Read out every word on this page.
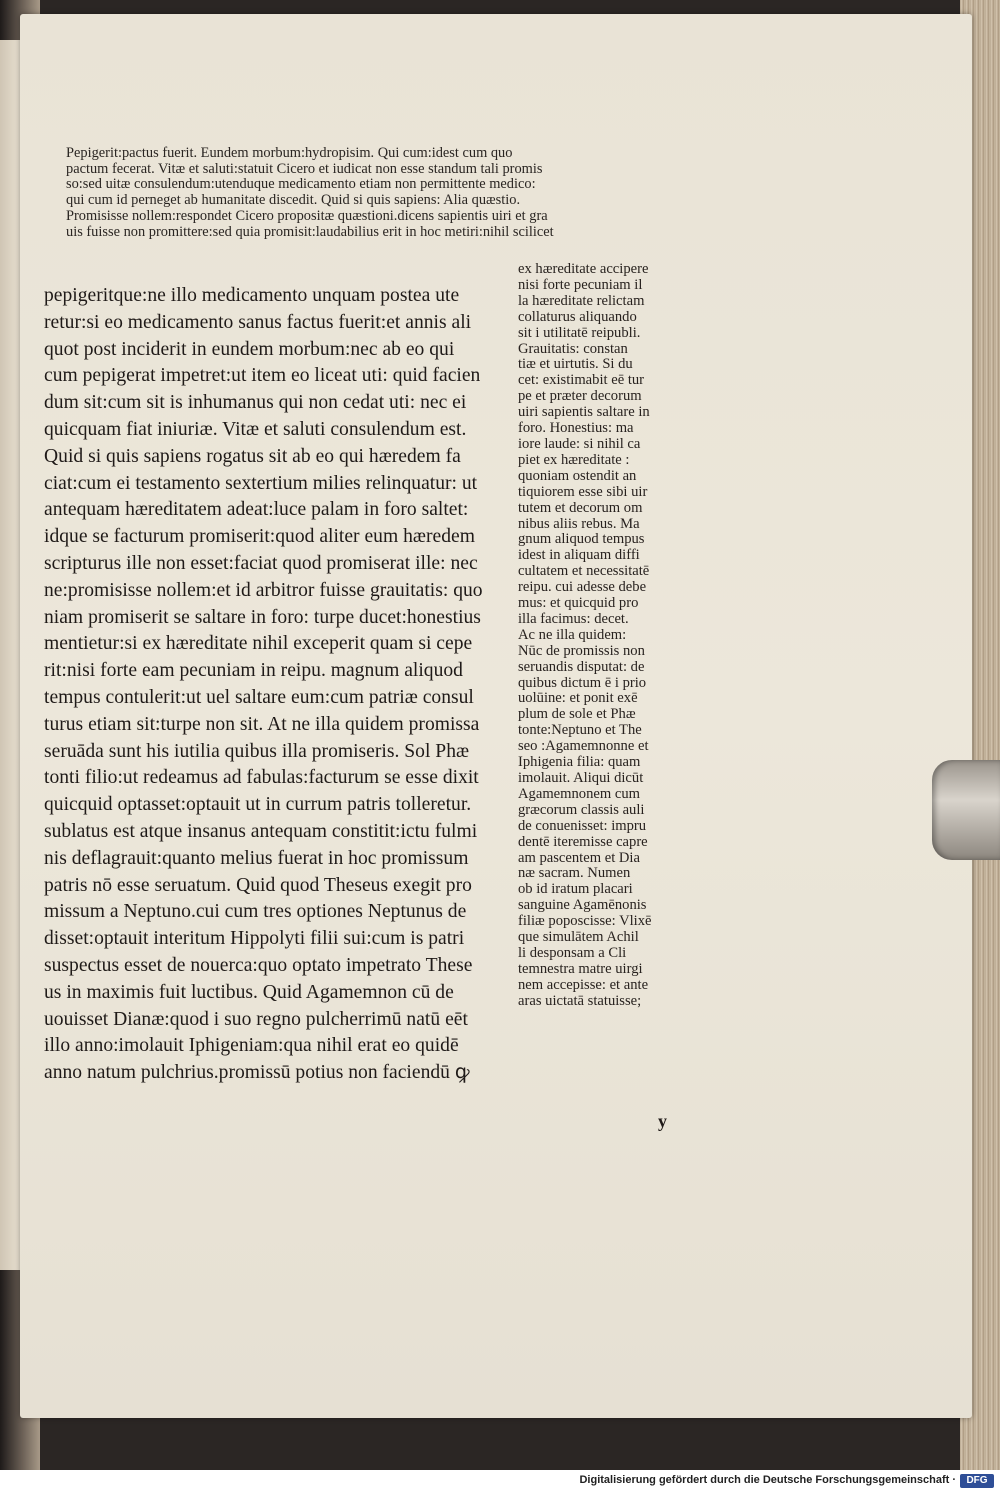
Pepigerit:pactus fuerit. Eundem morbum:hydropisim. Qui cum:idest cum quo
pactum fecerat. Vitæ et saluti:statuit Cicero et iudicat non esse standum tali promis
so:sed uitæ consulendum:utenduque medicamento etiam non permittente medico:
qui cum id perneget ab humanitate discedit. Quid si quis sapiens: Alia quæstio.
Promisisse nollem:respondet Cicero propositæ quæstioni.dicens sapientis uiri et gra
uis fuisse non promittere:sed quia promisit:laudabilius erit in hoc metiri:nihil scilicet
pepigeritque:ne illo medicamento unquam postea ute
retur:si eo medicamento sanus factus fuerit:et annis ali
quot post inciderit in eundem morbum:nec ab eo qui
cum pepigerat impetret:ut item eo liceat uti: quid facien
dum sit:cum sit is inhumanus qui non cedat uti: nec ei
quicquam fiat iniuriæ. Vitæ et saluti consulendum est.
Quid si quis sapiens rogatus sit ab eo qui hæredem fa
ciat:cum ei testamento sextertium milies relinquatur: ut
antequam hæreditatem adeat:luce palam in foro saltet:
idque se facturum promiserit:quod aliter eum hæredem
scripturus ille non esset:faciat quod promiserat ille: nec
ne:promisisse nollem:et id arbitror fuisse grauitatis: quo
niam promiserit se saltare in foro: turpe ducet:honestius
mentietur:si ex hæreditate nihil exceperit quam si cepe
rit:nisi forte eam pecuniam in reipu. magnum aliquod
tempus contulerit:ut uel saltare eum:cum patriæ consul
turus etiam sit:turpe non sit. At ne illa quidem promissa
seruāda sunt his iutilia quibus illa promiseris. Sol Phæ
tonti filio:ut redeamus ad fabulas:facturum se esse dixit
quicquid optasset:optauit ut in currum patris tolleretur.
sublatus est atque insanus antequam constitit:ictu fulmi
nis deflagrauit:quanto melius fuerat in hoc promissum
patris nō esse seruatum. Quid quod Theseus exegit pro
missum a Neptuno.cui cum tres optiones Neptunus de
disset:optauit interitum Hippolyti filii sui:cum is patri
suspectus esset de nouerca:quo optato impetrato These
us in maximis fuit luctibus. Quid Agamemnon cū de
uouisset Dianæ:quod i suo regno pulcherrimū natū eēt
illo anno:imolauit Iphigeniam:qua nihil erat eo quidē
anno natum pulchrius.promissū potius non faciendū ꝙ
ex hæreditate accipere
nisi forte pecuniam il
la hæreditate relictam
collaturus aliquando
sit i utilitatē reipubli.
Grauitatis: constan
tiæ et uirtutis. Si du
cet: existimabit eē tur
pe et præter decorum
uiri sapientis saltare in
foro. Honestius: ma
iore laude: si nihil ca
piet ex hæreditate :
quoniam ostendit an
tiquiorem esse sibi uir
tutem et decorum om
nibus aliis rebus. Ma
gnum aliquod tempus
idest in aliquam diffi
cultatem et necessitatē
reipu. cui adesse debe
mus: et quicquid pro
illa facimus: decet.
Ac ne illa quidem:
Nūc de promissis non
seruandis disputat: de
quibus dictum ē i prio
uolūine: et ponit exē
plum de sole et Phæ
tonte:Neptuno et The
seo :Agamemnonne et
Iphigenia filia: quam
imolauit. Aliqui dicūt
Agamemnonem cum
græcorum classis auli
de conuenisset: impru
dentē iteremisse capre
am pascentem et Dia
næ sacram. Numen
ob id iratum placari
sanguine Agamēnonis
filiæ poposcisse: Vlixē
que simulātem Achil
li desponsam a Cli
temnestra matre uirgi
nem accepisse: et ante
aras uictatā statuisse;
y
Digitalisierung gefördert durch die Deutsche Forschungsgemeinschaft ·	DFG
